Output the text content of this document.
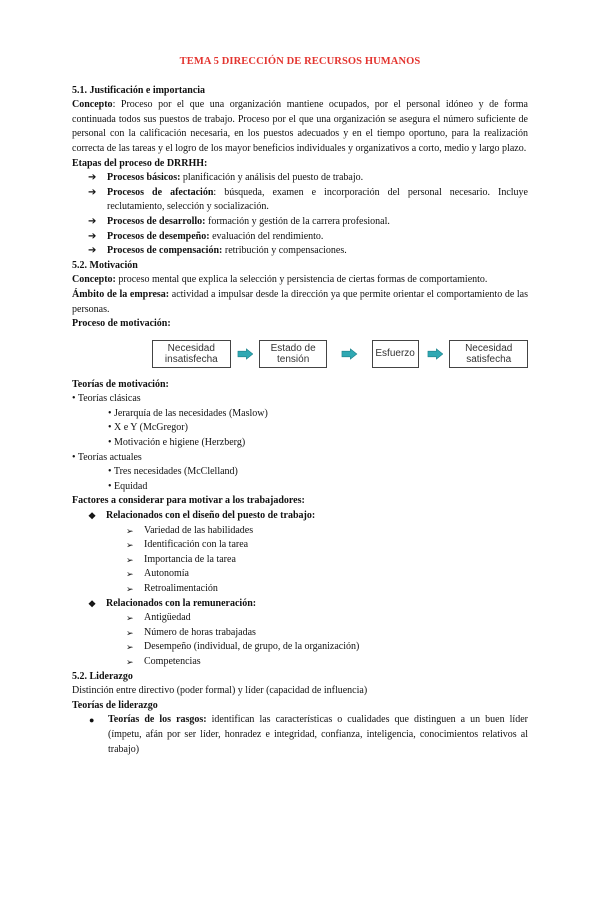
TEMA 5 DIRECCIÓN DE RECURSOS HUMANOS
5.1. Justificación e importancia
Concepto: Proceso por el que una organización mantiene ocupados, por el personal idóneo y de forma continuada todos sus puestos de trabajo. Proceso por el que una organización se asegura el número suficiente de personal con la calificación necesaria, en los puestos adecuados y en el tiempo oportuno, para la realización correcta de las tareas y el logro de los mayor beneficios individuales y organizativos a corto, medio y largo plazo.
Etapas del proceso de DRRHH:
➔ Procesos básicos: planificación y análisis del puesto de trabajo.
➔ Procesos de afectación: búsqueda, examen e incorporación del personal necesario. Incluye reclutamiento, selección y socialización.
➔ Procesos de desarrollo: formación y gestión de la carrera profesional.
➔ Procesos de desempeño: evaluación del rendimiento.
➔ Procesos de compensación: retribución y compensaciones.
5.2. Motivación
Concepto: proceso mental que explica la selección y persistencia de ciertas formas de comportamiento.
Ámbito de la empresa: actividad a impulsar desde la dirección ya que permite orientar el comportamiento de las personas.
Proceso de motivación:
Necesidad insatisfecha
Estado de tensión	Esfuerzo	Necesidad satisfecha
Teorías de motivación:
• Teorías clásicas
• Jerarquía de las necesidades (Maslow)
• X e Y (McGregor)
• Motivación e higiene (Herzberg)
• Teorías actuales
• Tres necesidades (McClelland)
• Equidad
Factores a considerar para motivar a los trabajadores:
❖ Relacionados con el diseño del puesto de trabajo:
➢ Variedad de las habilidades
➢ Identificación con la tarea
➢ Importancia de la tarea
➢ Autonomía
➢ Retroalimentación
❖ Relacionados con la remuneración:
➢ Antigüedad
➢ Número de horas trabajadas
➢ Desempeño (individual, de grupo, de la organización)
➢ Competencias
5.2. Liderazgo
Distinción entre directivo (poder formal) y líder (capacidad de influencia)
Teorías de liderazgo
● Teorías de los rasgos: identifican las características o cualidades que distinguen a un buen líder (ímpetu, afán por ser líder, honradez e integridad, confianza, inteligencia, conocimientos relativos al trabajo)
